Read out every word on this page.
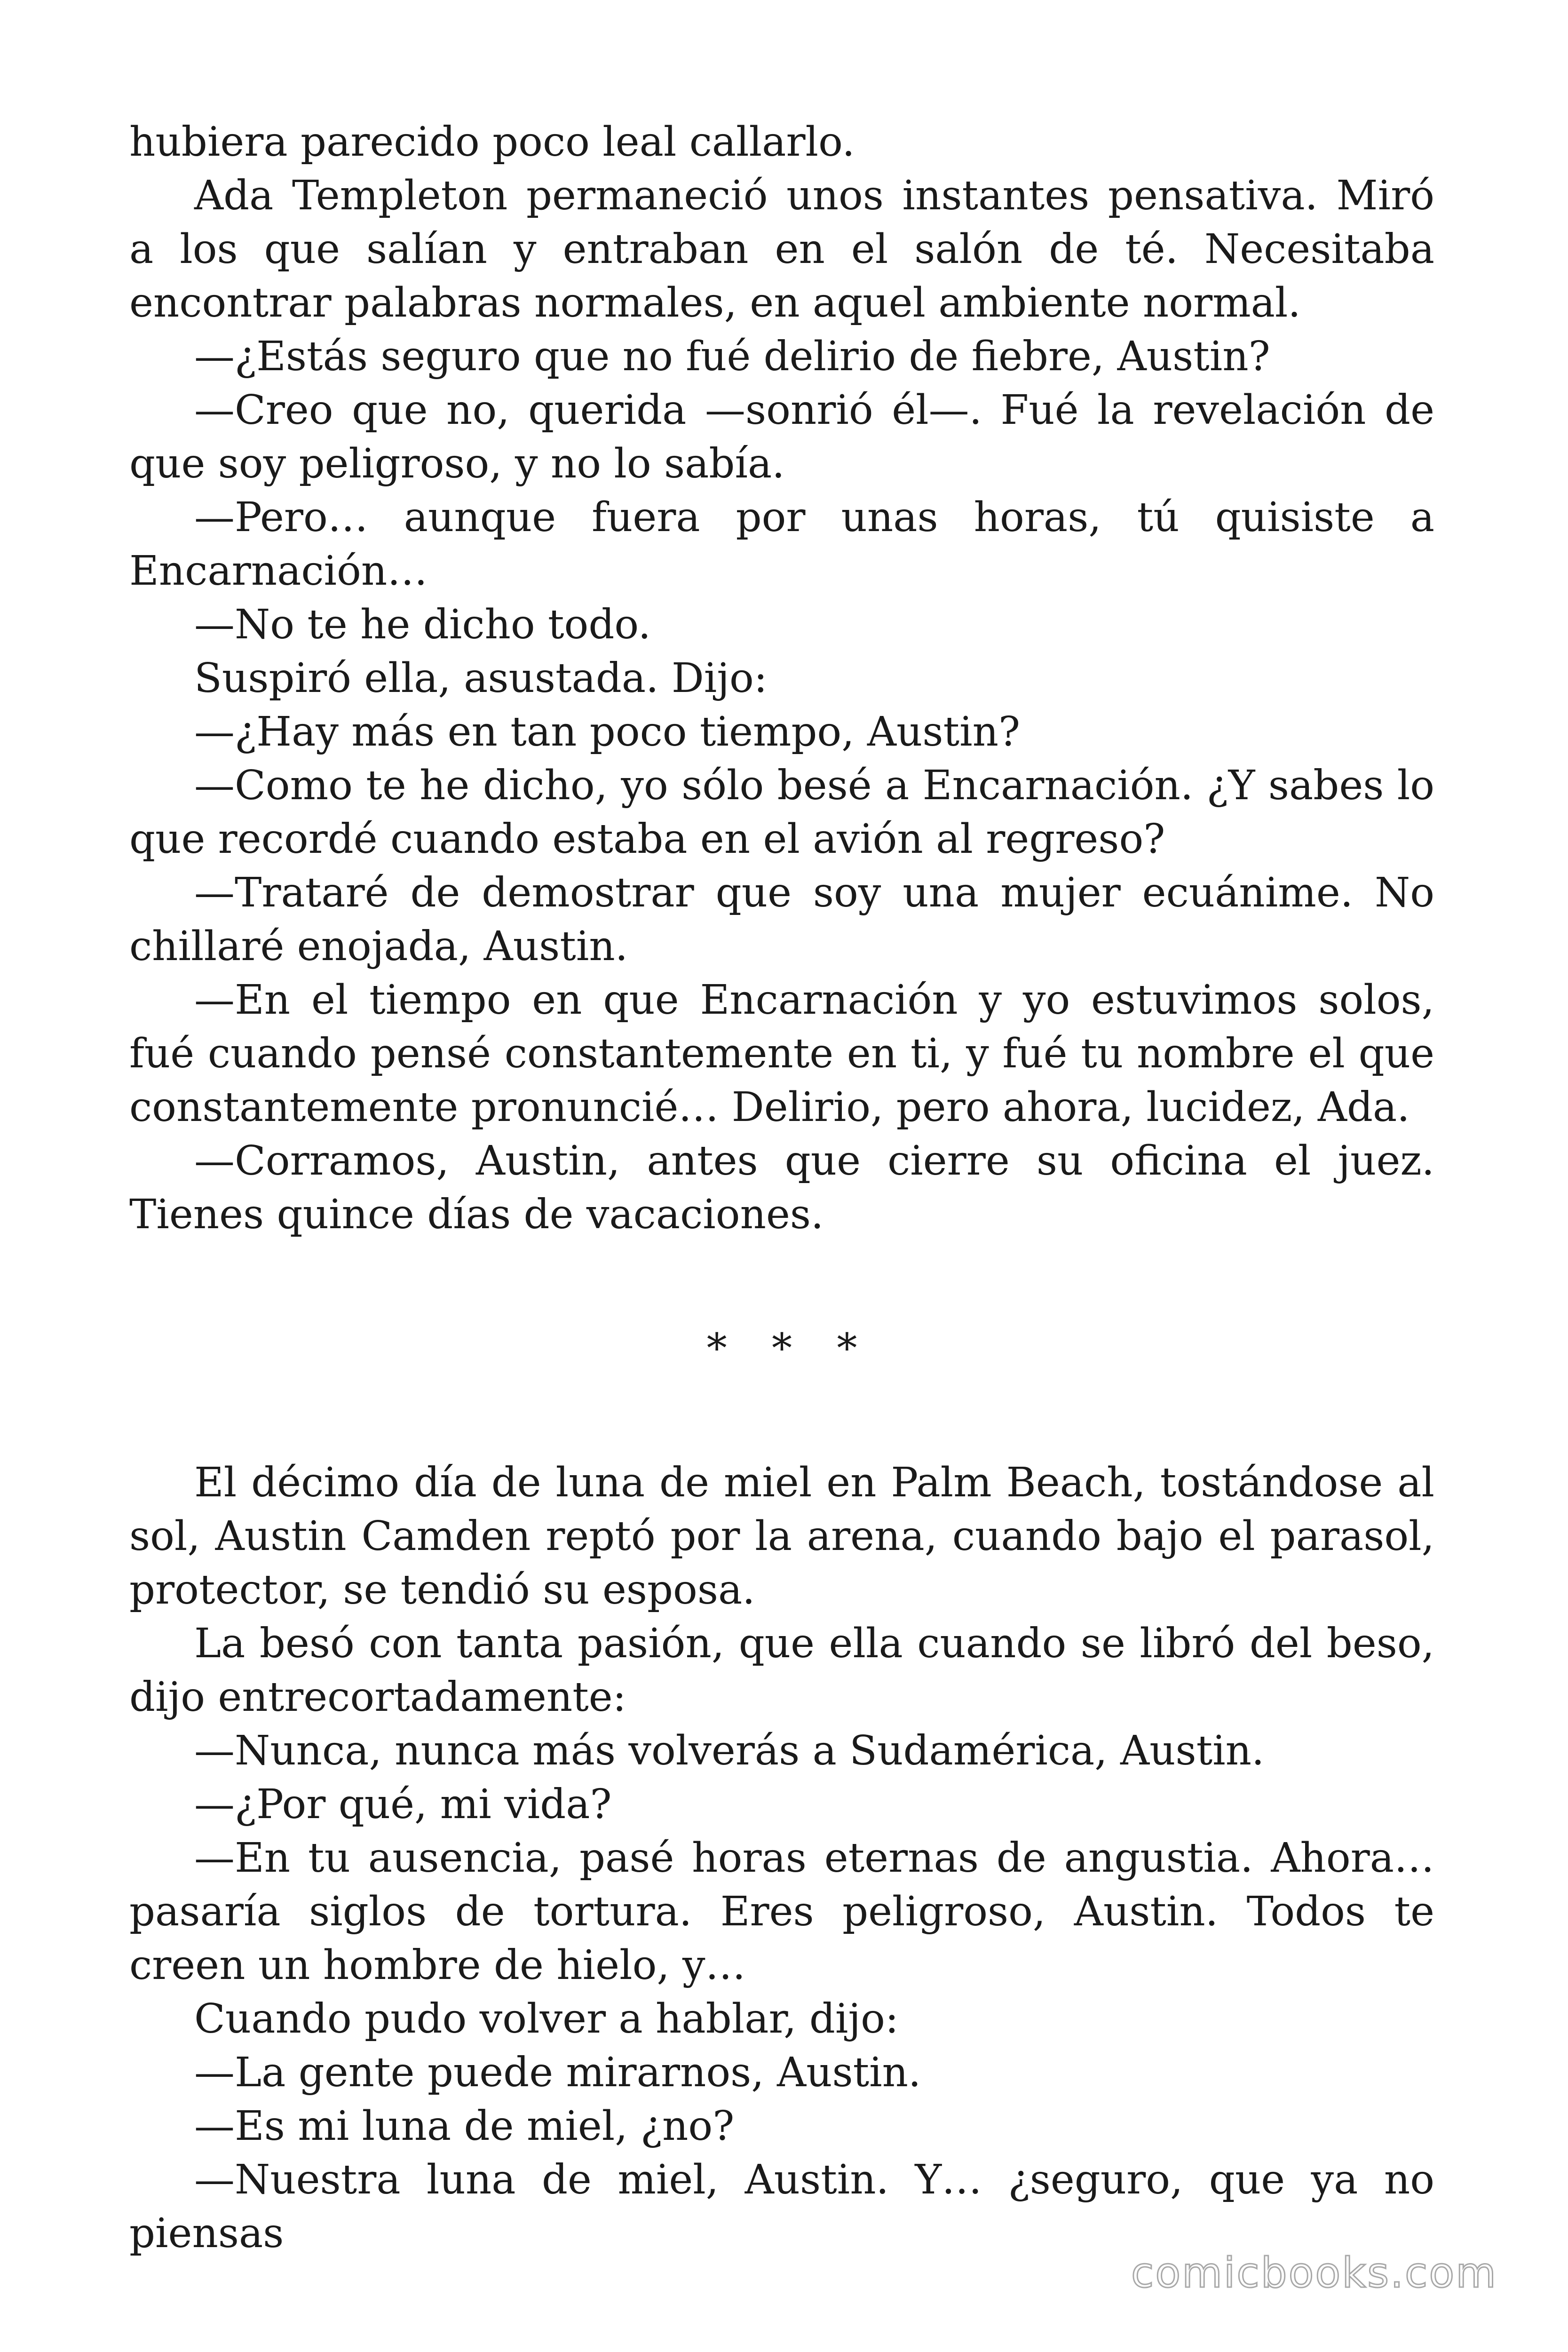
hubiera parecido poco leal callarlo.

Ada Templeton permaneció unos instantes pensativa. Miró a los que salían y entraban en el salón de té. Necesitaba encontrar palabras normales, en aquel ambiente normal.

—¿Estás seguro que no fué delirio de fiebre, Austin?

—Creo que no, querida —sonrió él—. Fué la revelación de que soy peligroso, y no lo sabía.

—Pero… aunque fuera por unas horas, tú quisiste a Encarnación…

—No te he dicho todo.

Suspiró ella, asustada. Dijo:

—¿Hay más en tan poco tiempo, Austin?

—Como te he dicho, yo sólo besé a Encarnación. ¿Y sabes lo que recordé cuando estaba en el avión al regreso?

—Trataré de demostrar que soy una mujer ecuánime. No chillaré enojada, Austin.

—En el tiempo en que Encarnación y yo estuvimos solos, fué cuando pensé constantemente en ti, y fué tu nombre el que constantemente pronuncié… Delirio, pero ahora, lucidez, Ada.

—Corramos, Austin, antes que cierre su oficina el juez. Tienes quince días de vacaciones.

* * *

El décimo día de luna de miel en Palm Beach, tostándose al sol, Austin Camden reptó por la arena, cuando bajo el parasol, protector, se tendió su esposa.

La besó con tanta pasión, que ella cuando se libró del beso, dijo entrecortadamente:

—Nunca, nunca más volverás a Sudamérica, Austin.

—¿Por qué, mi vida?

—En tu ausencia, pasé horas eternas de angustia. Ahora… pasaría siglos de tortura. Eres peligroso, Austin. Todos te creen un hombre de hielo, y…

Cuando pudo volver a hablar, dijo:

—La gente puede mirarnos, Austin.

—Es mi luna de miel, ¿no?

—Nuestra luna de miel, Austin. Y… ¿seguro, que ya no piensas

comicbooks.com
